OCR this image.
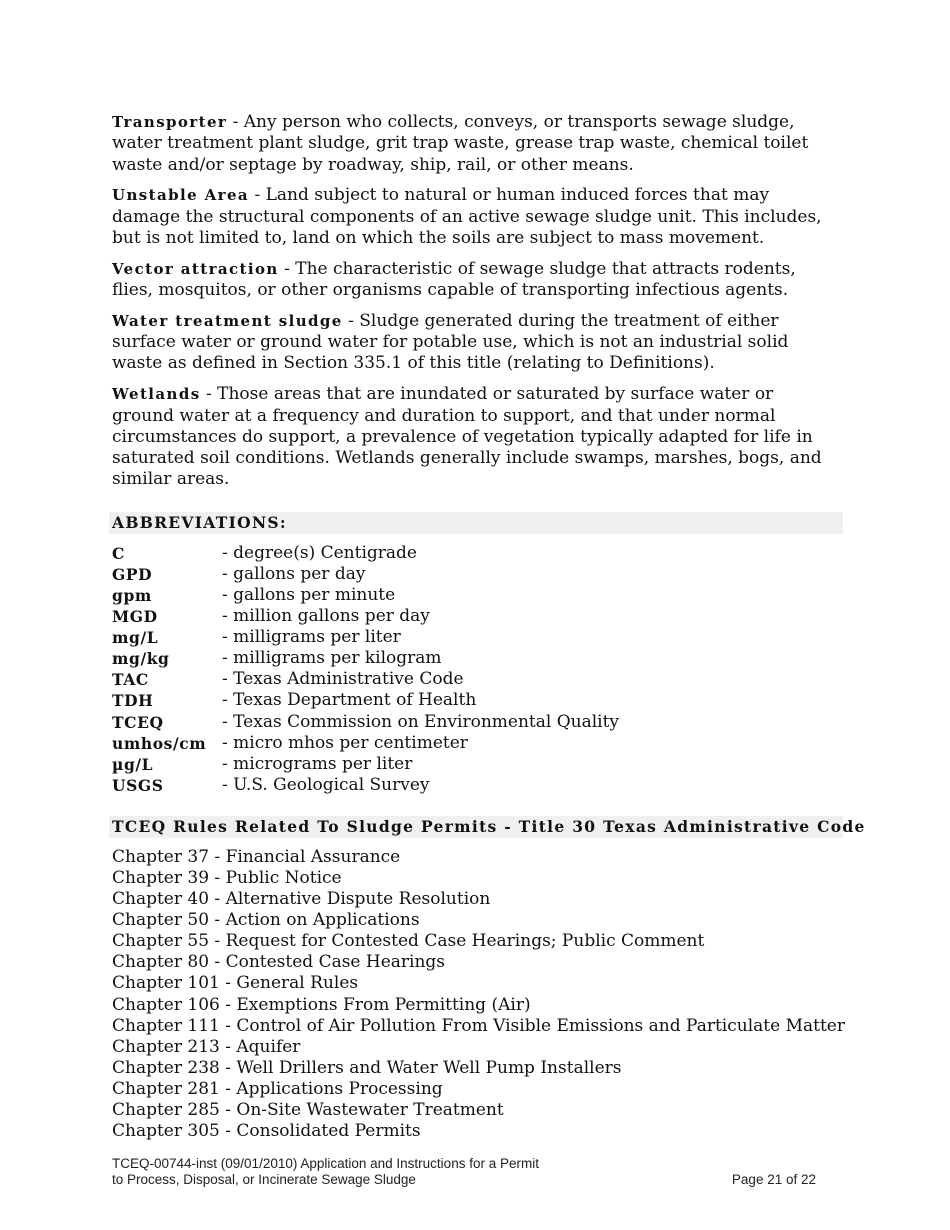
Transporter - Any person who collects, conveys, or transports sewage sludge, water treatment plant sludge, grit trap waste, grease trap waste, chemical toilet waste and/or septage by roadway, ship, rail, or other means.

Unstable Area - Land subject to natural or human induced forces that may damage the structural components of an active sewage sludge unit. This includes, but is not limited to, land on which the soils are subject to mass movement.

Vector attraction - The characteristic of sewage sludge that attracts rodents, flies, mosquitos, or other organisms capable of transporting infectious agents.

Water treatment sludge - Sludge generated during the treatment of either surface water or ground water for potable use, which is not an industrial solid waste as defined in Section 335.1 of this title (relating to Definitions).

Wetlands - Those areas that are inundated or saturated by surface water or ground water at a frequency and duration to support, and that under normal circumstances do support, a prevalence of vegetation typically adapted for life in saturated soil conditions. Wetlands generally include swamps, marshes, bogs, and similar areas.

ABBREVIATIONS:
C	- degree(s) Centigrade
GPD	- gallons per day
gpm	- gallons per minute
MGD	- million gallons per day
mg/L	- milligrams per liter
mg/kg	- milligrams per kilogram
TAC	- Texas Administrative Code
TDH	- Texas Department of Health
TCEQ	- Texas Commission on Environmental Quality
umhos/cm - micro mhos per centimeter
µg/L	- micrograms per liter
USGS	- U.S. Geological Survey
TCEQ Rules Related To Sludge Permits - Title 30 Texas Administrative Code
Chapter 37 - Financial Assurance
Chapter 39 - Public Notice
Chapter 40 - Alternative Dispute Resolution
Chapter 50 - Action on Applications
Chapter 55 - Request for Contested Case Hearings; Public Comment
Chapter 80 - Contested Case Hearings
Chapter 101 - General Rules
Chapter 106 - Exemptions From Permitting (Air)
Chapter 111 - Control of Air Pollution From Visible Emissions and Particulate Matter
Chapter 213 - Aquifer
Chapter 238 - Well Drillers and Water Well Pump Installers
Chapter 281 - Applications Processing
Chapter 285 - On-Site Wastewater Treatment
Chapter 305 - Consolidated Permits
TCEQ-00744-inst (09/01/2010) Application and Instructions for a Permit
to Process, Disposal, or Incinerate Sewage Sludge	Page 21 of 22
